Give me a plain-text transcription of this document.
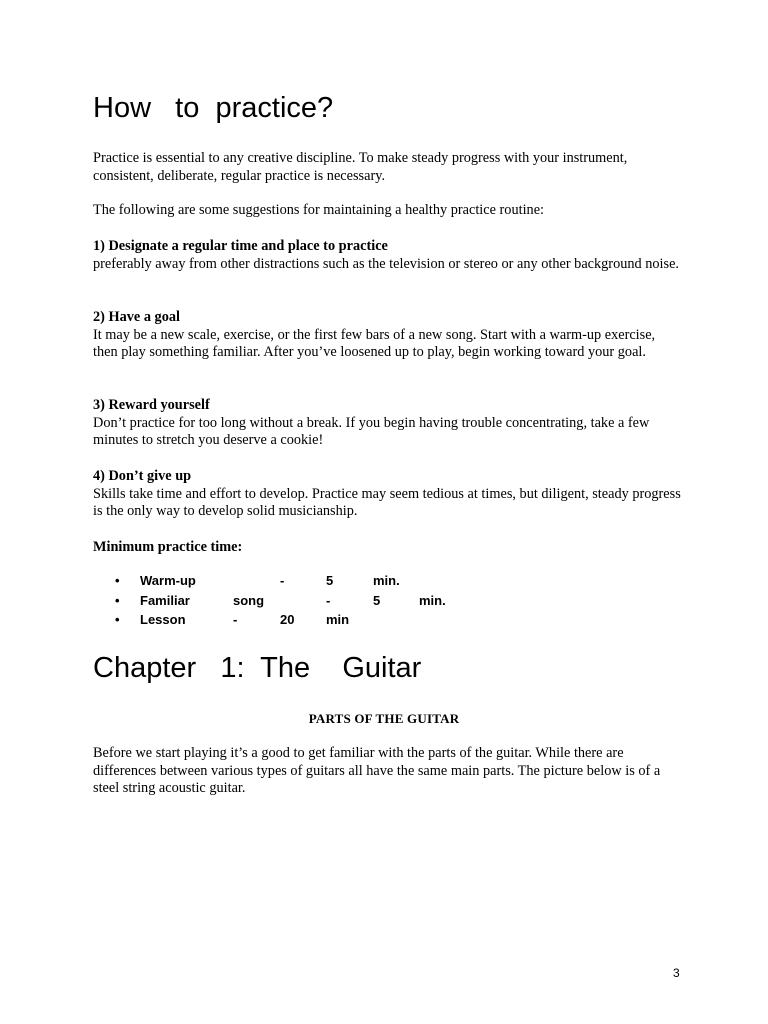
How   to  practice?
Practice is essential to any creative discipline. To make steady progress with your instrument, consistent, deliberate, regular practice is necessary.
The following are some suggestions for maintaining a healthy practice routine:

1) Designate a regular time and place to practice

preferably away from other distractions such as the television or stereo or any other background noise.

2) Have a goal

It may be a new scale, exercise, or the first few bars of a new song. Start with a warm-up exercise, then play something familiar. After you’ve loosened up to play, begin working toward your goal.

3) Reward yourself

Don’t practice for too long without a break. If you begin having trouble concentrating, take a few minutes to stretch you deserve a cookie!

4) Don’t give up

Skills take time and effort to develop. Practice may seem tedious at times, but diligent, steady progress is the only way to develop solid musicianship.

Minimum practice time:
• Warm-up	-	5	min.
• Familiar	song	-	5	min.
• Lesson	-	20 min
Chapter   1:  The    Guitar
PARTS OF THE GUITAR
Before we start playing it’s a good to get familiar with the parts of the guitar. While there are differences between various types of guitars all have the same main parts. The picture below is of a steel string acoustic guitar.
3
